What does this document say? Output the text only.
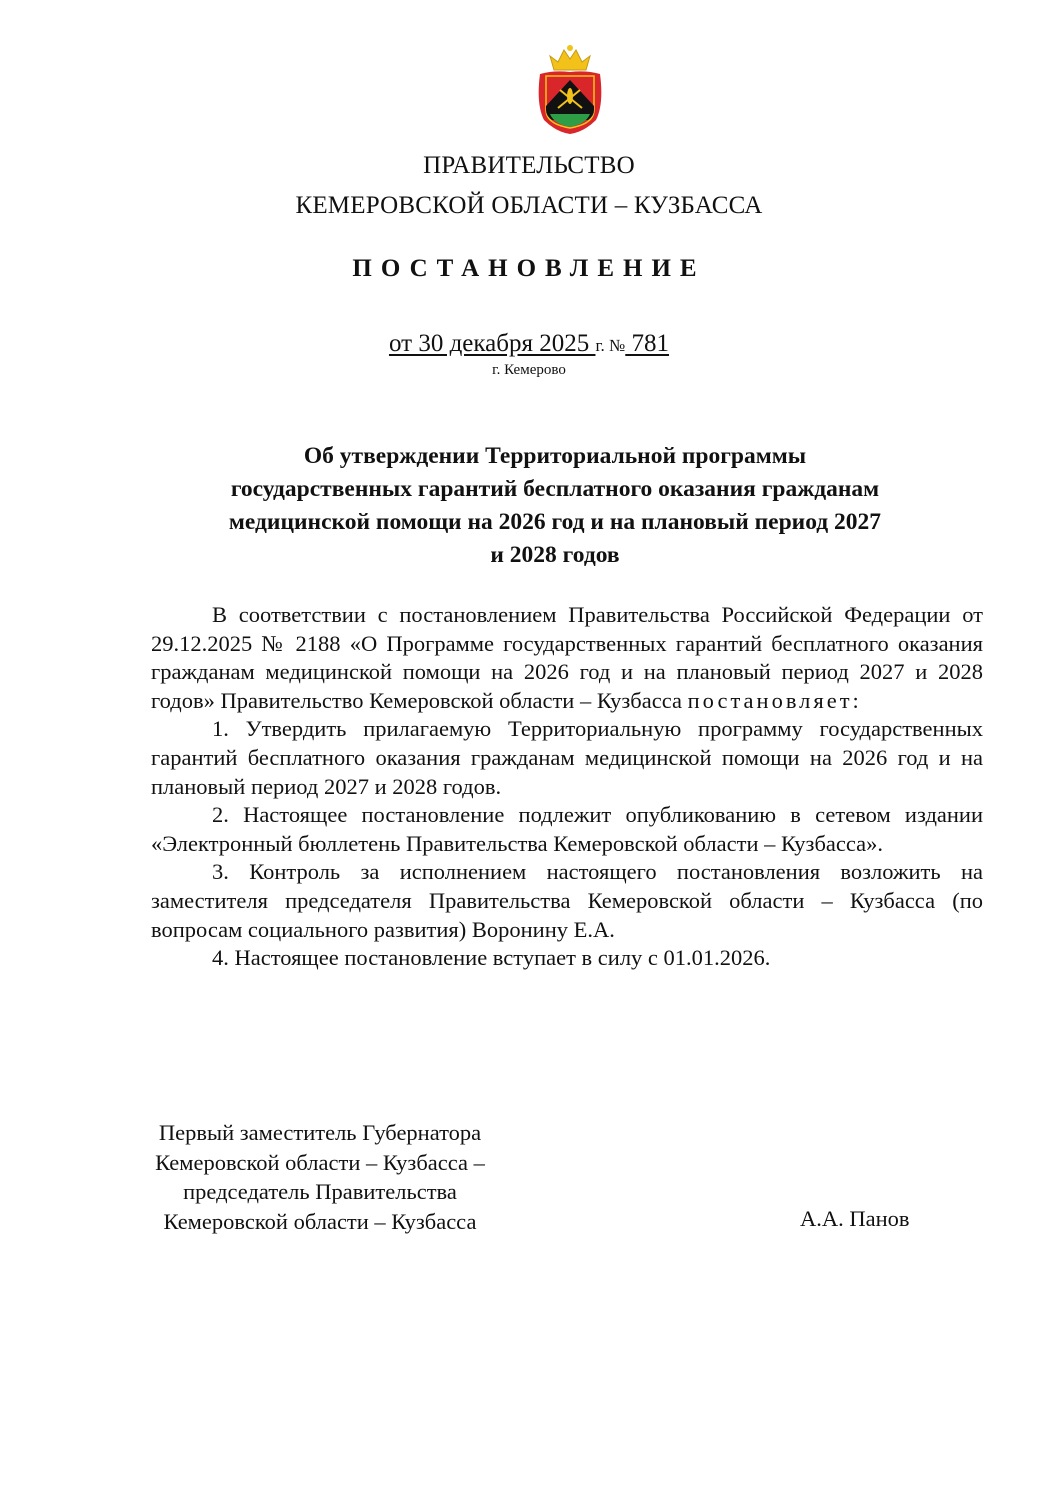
ПРАВИТЕЛЬСТВО
КЕМЕРОВСКОЙ ОБЛАСТИ – КУЗБАССА
ПОСТАНОВЛЕНИЕ
от 30 декабря 2025 г. № 781
г. Кемерово
Об утверждении Территориальной программы государственных гарантий бесплатного оказания гражданам медицинской помощи на 2026 год и на плановый период 2027 и 2028 годов

В соответствии с постановлением Правительства Российской Федерации от 29.12.2025 № 2188 «О Программе государственных гарантий бесплатного оказания гражданам медицинской помощи на 2026 год и на плановый период 2027 и 2028 годов» Правительство Кемеровской области – Кузбасса постановляет:

1. Утвердить прилагаемую Территориальную программу государственных гарантий бесплатного оказания гражданам медицинской помощи на 2026 год и на плановый период 2027 и 2028 годов.

2. Настоящее постановление подлежит опубликованию в сетевом издании «Электронный бюллетень Правительства Кемеровской области – Кузбасса».

3. Контроль за исполнением настоящего постановления возложить на заместителя председателя Правительства Кемеровской области – Кузбасса (по вопросам социального развития) Воронину Е.А.

4. Настоящее постановление вступает в силу с 01.01.2026.

Первый заместитель Губернатора
Кемеровской области – Кузбасса –
председатель Правительства
Кемеровской области – Кузбасса	А.А. Панов
